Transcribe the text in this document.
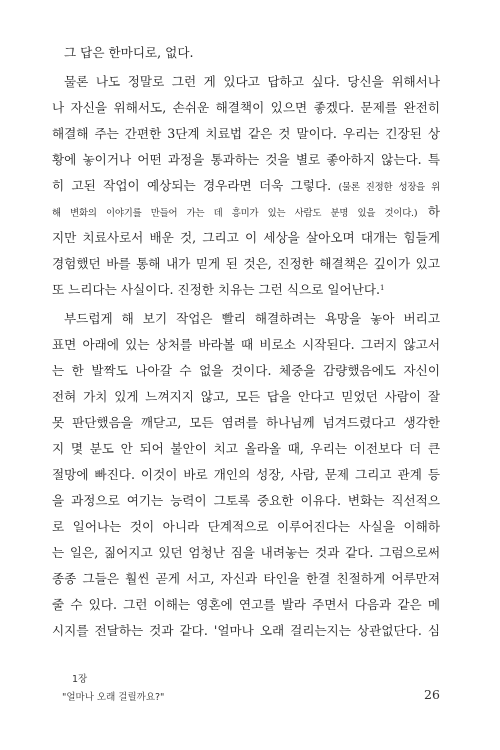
그 답은 한마디로, 없다.
물론 나도 정말로 그런 게 있다고 답하고 싶다. 당신을 위해서나
나 자신을 위해서도, 손쉬운 해결책이 있으면 좋겠다. 문제를 완전히
해결해 주는 간편한 3단계 치료법 같은 것 말이다. 우리는 긴장된 상
황에 놓이거나 어떤 과정을 통과하는 것을 별로 좋아하지 않는다. 특
히 고된 작업이 예상되는 경우라면 더욱 그렇다. (물론 진정한 성장을 위
해 변화의 이야기를 만들어 가는 데 흥미가 있는 사람도 분명 있을 것이다.) 하
지만 치료사로서 배운 것, 그리고 이 세상을 살아오며 대개는 힘들게
경험했던 바를 통해 내가 믿게 된 것은, 진정한 해결책은 깊이가 있고
또 느리다는 사실이다. 진정한 치유는 그런 식으로 일어난다.$^1$
부드럽게 해 보기 작업은 빨리 해결하려는 욕망을 놓아 버리고
표면 아래에 있는 상처를 바라볼 때 비로소 시작된다. 그러지 않고서
는 한 발짝도 나아갈 수 없을 것이다. 체중을 감량했음에도 자신이
전혀 가치 있게 느껴지지 않고, 모든 답을 안다고 믿었던 사람이 잘
못 판단했음을 깨닫고, 모든 염려를 하나님께 넘겨드렸다고 생각한
지 몇 분도 안 되어 불안이 치고 올라올 때, 우리는 이전보다 더 큰
절망에 빠진다. 이것이 바로 개인의 성장, 사람, 문제 그리고 관계 등
을 과정으로 여기는 능력이 그토록 중요한 이유다. 변화는 직선적으
로 일어나는 것이 아니라 단계적으로 이루어진다는 사실을 이해하
는 일은, 짊어지고 있던 엄청난 짐을 내려놓는 것과 같다. 그럼으로써
종종 그들은 훨씬 곧게 서고, 자신과 타인을 한결 친절하게 어루만져
줄 수 있다. 그런 이해는 영혼에 연고를 발라 주면서 다음과 같은 메
시지를 전달하는 것과 같다. '얼마나 오래 걸리는지는 상관없단다. 심
1장
"얼마나 오래 걸릴까요?"	26
